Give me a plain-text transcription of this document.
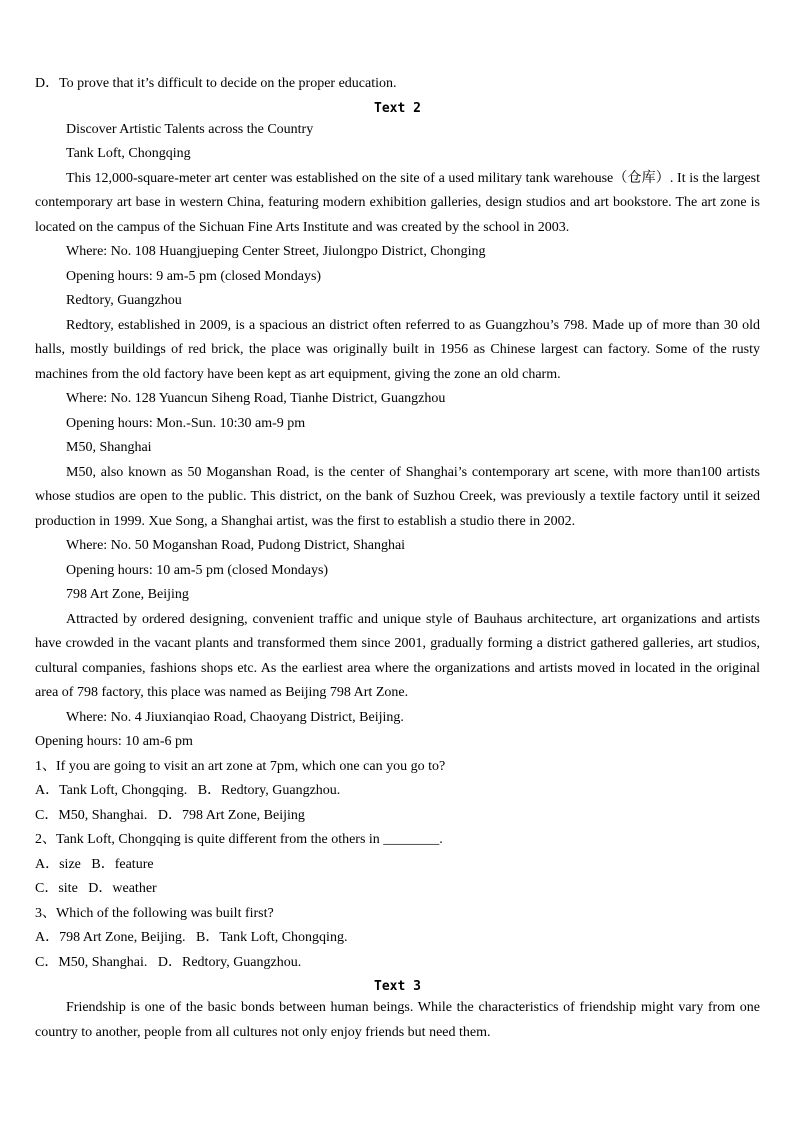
D．To prove that it’s difficult to decide on the proper education.

Text 2

Discover Artistic Talents across the Country

Tank Loft, Chongqing

This 12,000-square-meter art center was established on the site of a used military tank warehouse（仓库）. It is the largest contemporary art base in western China, featuring modern exhibition galleries, design studios and art bookstore. The art zone is located on the campus of the Sichuan Fine Arts Institute and was created by the school in 2003.

Where: No. 108 Huangjueping Center Street, Jiulongpo District, Chonging

Opening hours: 9 am-5 pm (closed Mondays)

Redtory, Guangzhou

Redtory, established in 2009, is a spacious an district often referred to as Guangzhou’s 798. Made up of more than 30 old halls, mostly buildings of red brick, the place was originally built in 1956 as Chinese largest can factory. Some of the rusty machines from the old factory have been kept as art equipment, giving the zone an old charm.

Where: No. 128 Yuancun Siheng Road, Tianhe District, Guangzhou

Opening hours: Mon.-Sun. 10:30 am-9 pm

M50, Shanghai

M50, also known as 50 Moganshan Road, is the center of Shanghai’s contemporary art scene, with more than100 artists whose studios are open to the public. This district, on the bank of Suzhou Creek, was previously a textile factory until it seized production in 1999. Xue Song, a Shanghai artist, was the first to establish a studio there in 2002.

Where: No. 50 Moganshan Road, Pudong District, Shanghai

Opening hours: 10 am-5 pm (closed Mondays)

798 Art Zone, Beijing

Attracted by ordered designing, convenient traffic and unique style of Bauhaus architecture, art organizations and artists have crowded in the vacant plants and transformed them since 2001, gradually forming a district gathered galleries, art studios, cultural companies, fashions shops etc. As the earliest area where the organizations and artists moved in located in the original area of 798 factory, this place was named as Beijing 798 Art Zone.

Where: No. 4 Jiuxianqiao Road, Chaoyang District, Beijing.

Opening hours: 10 am-6 pm

1、If you are going to visit an art zone at 7pm, which one can you go to?

A．Tank Loft, Chongqing.   B．Redtory, Guangzhou.

C．M50, Shanghai.   D．798 Art Zone, Beijing

2、Tank Loft, Chongqing is quite different from the others in ________.

A．size   B．feature

C．site   D．weather

3、Which of the following was built first?

A．798 Art Zone, Beijing.   B．Tank Loft, Chongqing.

C．M50, Shanghai.   D．Redtory, Guangzhou.

Text 3

Friendship is one of the basic bonds between human beings. While the characteristics of friendship might vary from one country to another, people from all cultures not only enjoy friends but need them.
